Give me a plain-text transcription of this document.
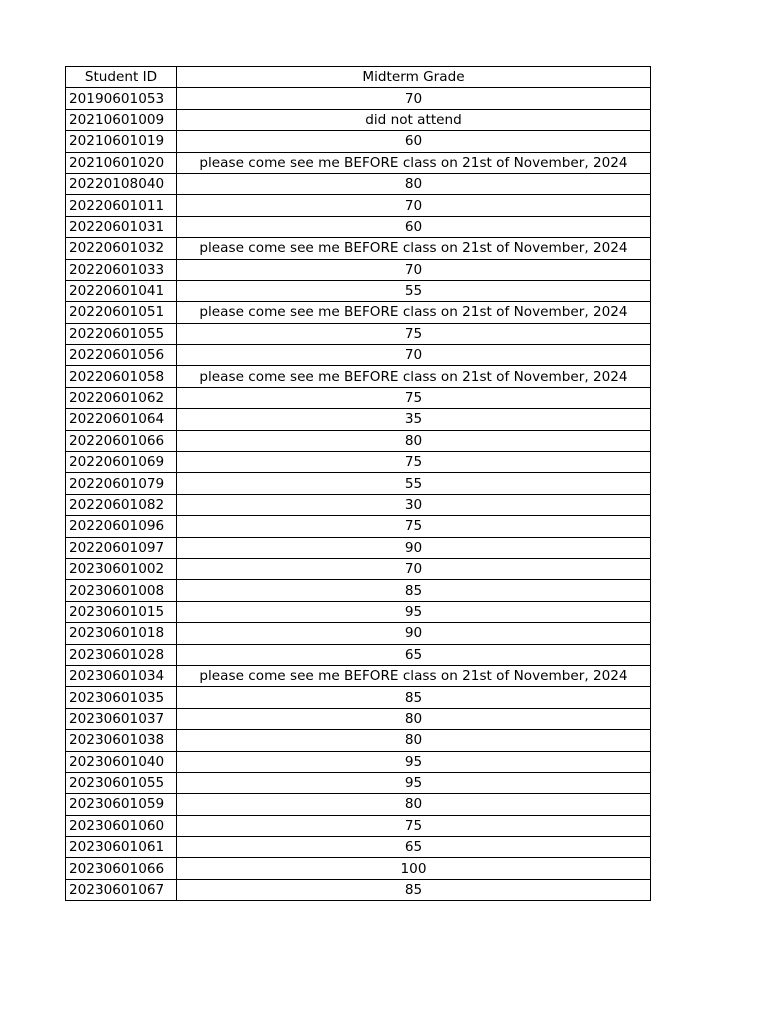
Student ID	Midterm Grade
20190601053	70
20210601009	did not attend
20210601019	60
20210601020	please come see me BEFORE class on 21st of November, 2024
20220108040	80
20220601011	70
20220601031	60
20220601032	please come see me BEFORE class on 21st of November, 2024
20220601033	70
20220601041	55
20220601051	please come see me BEFORE class on 21st of November, 2024
20220601055	75
20220601056	70
20220601058	please come see me BEFORE class on 21st of November, 2024
20220601062	75
20220601064	35
20220601066	80
20220601069	75
20220601079	55
20220601082	30
20220601096	75
20220601097	90
20230601002	70
20230601008	85
20230601015	95
20230601018	90
20230601028	65
20230601034	please come see me BEFORE class on 21st of November, 2024
20230601035	85
20230601037	80
20230601038	80
20230601040	95
20230601055	95
20230601059	80
20230601060	75
20230601061	65
20230601066	100
20230601067	85
